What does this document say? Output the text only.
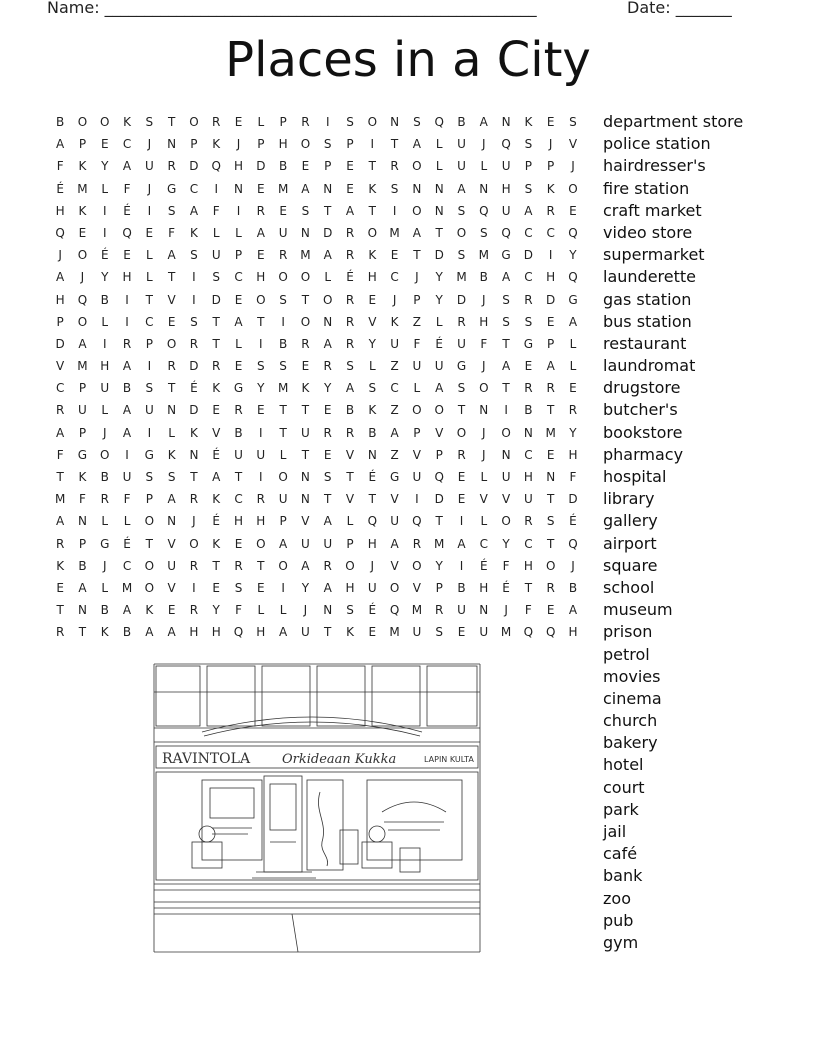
Name: ______________________________________________________	Date: _______
Places in a City
B	O	O	K	S	T	O	R	E	L	P	R	I	S	O	N	S	Q	B	A	N	K	E	S
A	P	E	C	J	N	P	K	J	P	H	O	S	P	I	T	A	L	U	J	Q	S	J	V
F	K	Y	A	U	R	D	Q	H	D	B	E	P	E	T	R	O	L	U	L	U	P	P	J
É	M	L	F	J	G	C	I	N	E	M	A	N	E	K	S	N	N	A	N	H	S	K	O
H	K	I	É	I	S	A	F	I	R	E	S	T	A	T	I	O	N	S	Q	U	A	R	E
Q	E	I	Q	E	F	K	L	L	A	U	N	D	R	O	M	A	T	O	S	Q	C	C	Q
J	O	É	E	L	A	S	U	P	E	R	M	A	R	K	E	T	D	S	M	G	D	I	Y
A	J	Y	H	L	T	I	S	C	H	O	O	L	É	H	C	J	Y	M	B	A	C	H	Q
H	Q	B	I	T	V	I	D	E	O	S	T	O	R	E	J	P	Y	D	J	S	R	D	G
P	O	L	I	C	E	S	T	A	T	I	O	N	R	V	K	Z	L	R	H	S	S	E	A
D	A	I	R	P	O	R	T	L	I	B	R	A	R	Y	U	F	É	U	F	T	G	P	L
V	M	H	A	I	R	D	R	E	S	S	E	R	S	L	Z	U	U	G	J	A	E	A	L
C	P	U	B	S	T	É	K	G	Y	M	K	Y	A	S	C	L	A	S	O	T	R	R	E
R	U	L	A	U	N	D	E	R	E	T	T	E	B	K	Z	O	O	T	N	I	B	T	R
A	P	J	A	I	L	K	V	B	I	T	U	R	R	B	A	P	V	O	J	O	N	M	Y
F	G	O	I	G	K	N	É	U	U	L	T	E	V	N	Z	V	P	R	J	N	C	E	H
T	K	B	U	S	S	T	A	T	I	O	N	S	T	É	G	U	Q	E	L	U	H	N	F
M	F	R	F	P	A	R	K	C	R	U	N	T	V	T	V	I	D	E	V	V	U	T	D
A	N	L	L	O	N	J	É	H	H	P	V	A	L	Q	U	Q	T	I	L	O	R	S	É
R	P	G	É	T	V	O	K	E	O	A	U	U	P	H	A	R	M	A	C	Y	C	T	Q
K	B	J	C	O	U	R	T	R	T	O	A	R	O	J	V	O	Y	I	É	F	H	O	J
E	A	L	M	O	V	I	E	S	E	I	Y	A	H	U	O	V	P	B	H	É	T	R	B
T	N	B	A	K	E	R	Y	F	L	L	J	N	S	É	Q	M	R	U	N	J	F	E	A
R	T	K	B	A	A	H	H	Q	H	A	U	T	K	E	M	U	S	E	U	M	Q	Q	H
department store
police station
hairdresser's
fire station
craft market
video store
supermarket
launderette
gas station
bus station
restaurant
laundromat
drugstore
butcher's
bookstore
pharmacy
hospital
library
gallery
airport
square
school
museum
prison
petrol
movies
cinema
church
bakery
hotel
court
park
jail
café
bank
zoo
pub
gym
RAVINTOLA Orkideaan Kukka	LAPIN KULTA
